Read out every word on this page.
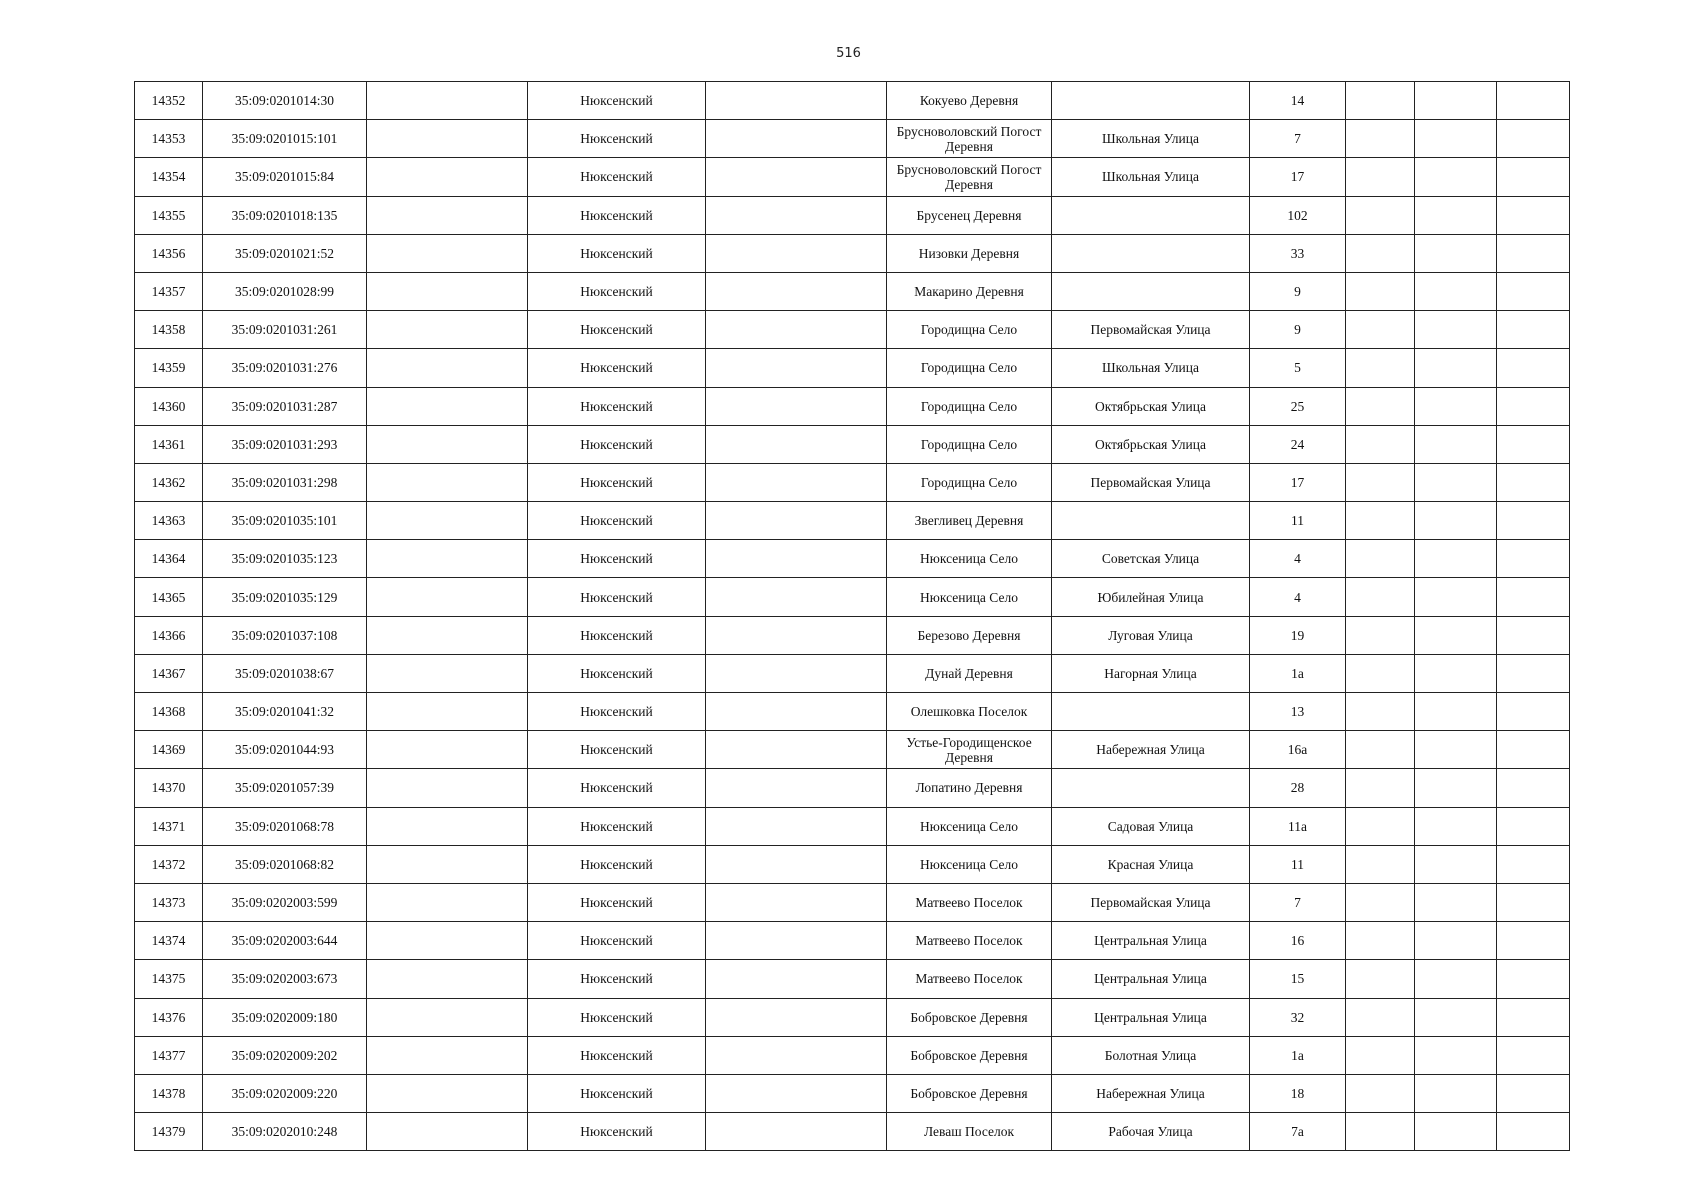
516
14352	35:09:0201014:30		Нюксенский		Кокуево Деревня		14			
14353	35:09:0201015:101		Нюксенский		Брусноволовский Погост Деревня	Школьная Улица	7			
14354	35:09:0201015:84		Нюксенский		Брусноволовский Погост Деревня	Школьная Улица	17			
14355	35:09:0201018:135		Нюксенский		Брусенец Деревня		102			
14356	35:09:0201021:52		Нюксенский		Низовки Деревня		33			
14357	35:09:0201028:99		Нюксенский		Макарино Деревня		9			
14358	35:09:0201031:261		Нюксенский		Городищна Село	Первомайская Улица	9			
14359	35:09:0201031:276		Нюксенский		Городищна Село	Школьная Улица	5			
14360	35:09:0201031:287		Нюксенский		Городищна Село	Октябрьская Улица	25			
14361	35:09:0201031:293		Нюксенский		Городищна Село	Октябрьская Улица	24			
14362	35:09:0201031:298		Нюксенский		Городищна Село	Первомайская Улица	17			
14363	35:09:0201035:101		Нюксенский		Звегливец Деревня		11			
14364	35:09:0201035:123		Нюксенский		Нюксеница Село	Советская Улица	4			
14365	35:09:0201035:129		Нюксенский		Нюксеница Село	Юбилейная Улица	4			
14366	35:09:0201037:108		Нюксенский		Березово Деревня	Луговая Улица	19			
14367	35:09:0201038:67		Нюксенский		Дунай Деревня	Нагорная Улица	1а			
14368	35:09:0201041:32		Нюксенский		Олешковка Поселок		13			
14369	35:09:0201044:93		Нюксенский		Устье-Городищенское Деревня	Набережная Улица	16а			
14370	35:09:0201057:39		Нюксенский		Лопатино Деревня		28			
14371	35:09:0201068:78		Нюксенский		Нюксеница Село	Садовая Улица	11а			
14372	35:09:0201068:82		Нюксенский		Нюксеница Село	Красная Улица	11			
14373	35:09:0202003:599		Нюксенский		Матвеево Поселок	Первомайская Улица	7			
14374	35:09:0202003:644		Нюксенский		Матвеево Поселок	Центральная Улица	16			
14375	35:09:0202003:673		Нюксенский		Матвеево Поселок	Центральная Улица	15			
14376	35:09:0202009:180		Нюксенский		Бобровское Деревня	Центральная Улица	32			
14377	35:09:0202009:202		Нюксенский		Бобровское Деревня	Болотная Улица	1а			
14378	35:09:0202009:220		Нюксенский		Бобровское Деревня	Набережная Улица	18			
14379	35:09:0202010:248		Нюксенский		Леваш Поселок	Рабочая Улица	7а			
